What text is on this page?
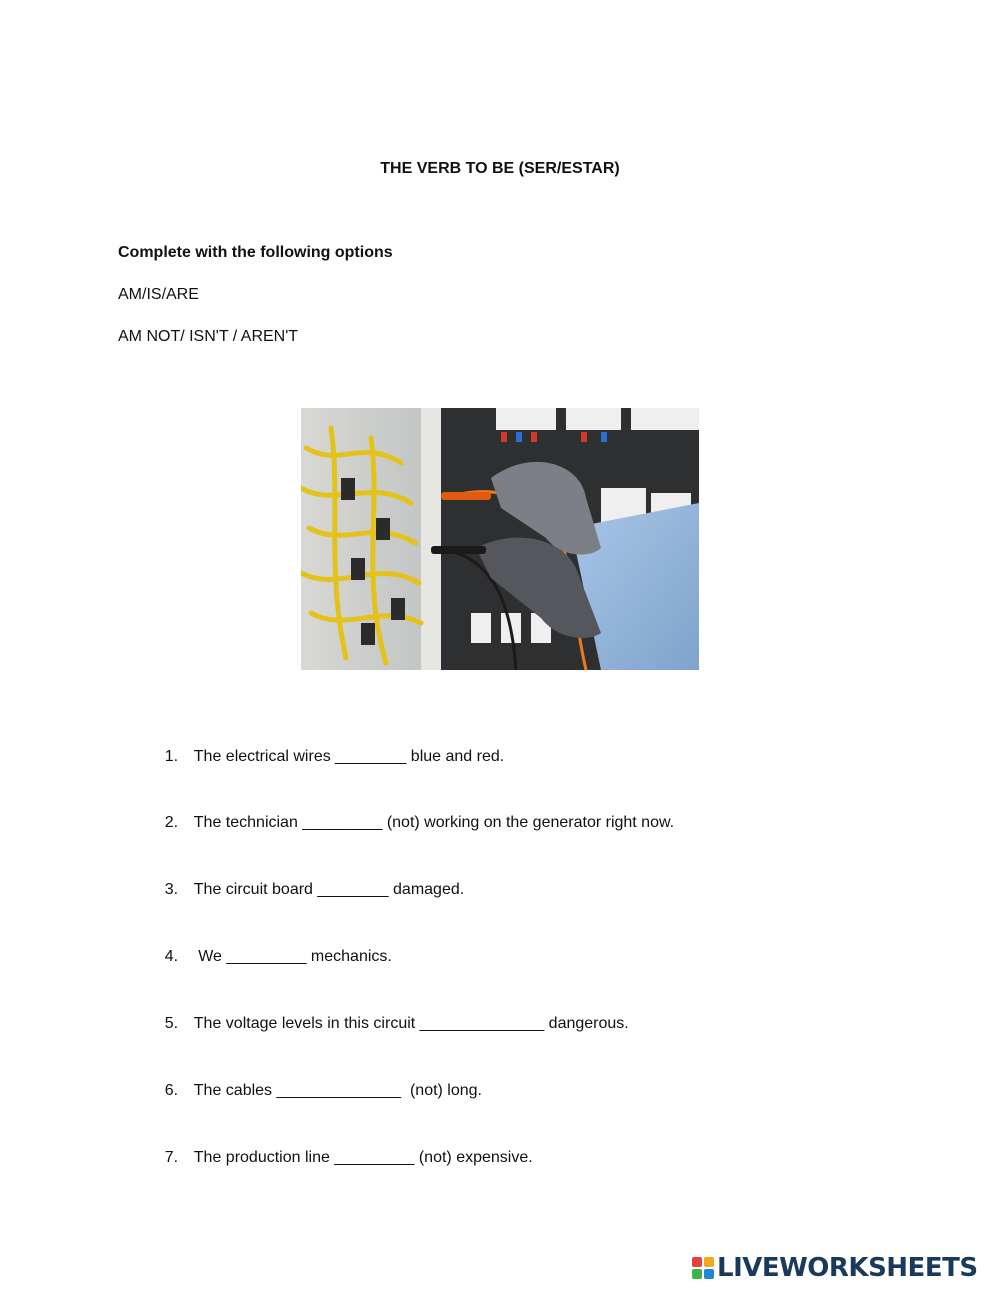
THE VERB TO BE (SER/ESTAR)
Complete with the following options
AM/IS/ARE
AM NOT/ ISN'T / AREN'T

1. The electrical wires ________ blue and red.

2. The technician _________ (not) working on the generator right now.

3. The circuit board ________ damaged.

4. We _________ mechanics.

5. The voltage levels in this circuit ______________ dangerous.

6. The cables ______________  (not) long.

7. The production line _________ (not) expensive.

LIVEWORKSHEETS
